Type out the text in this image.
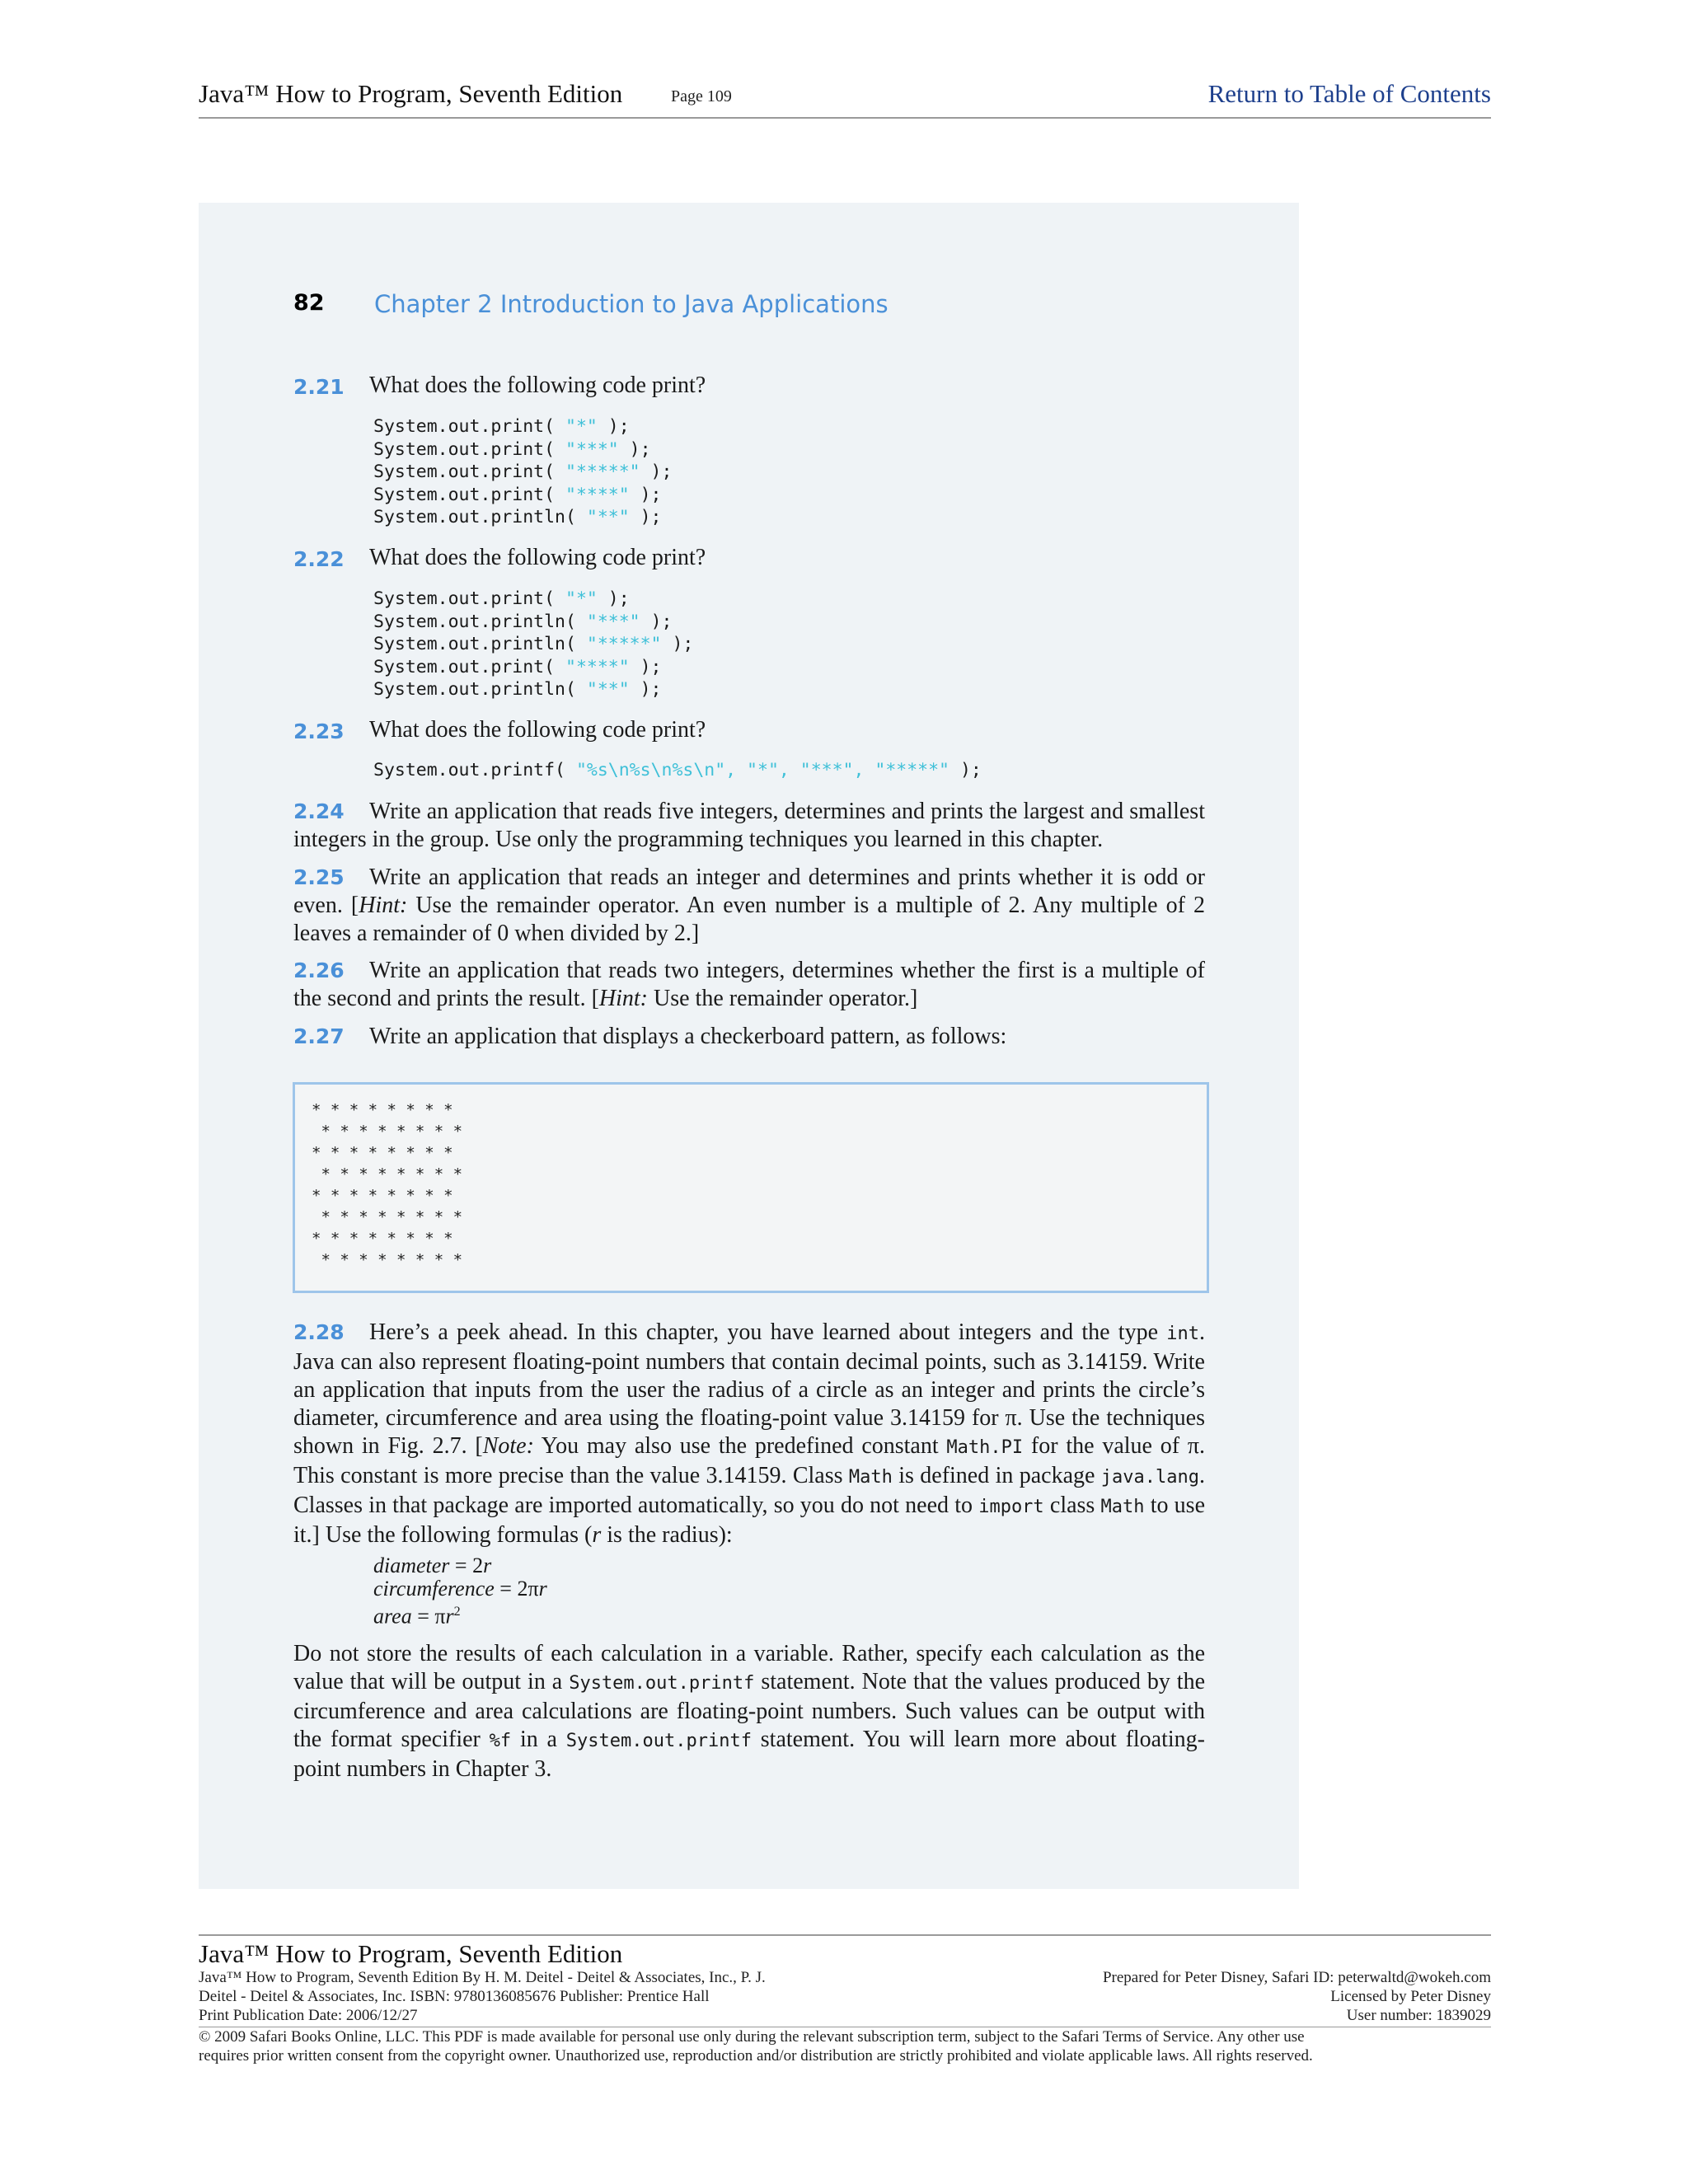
Java™ How to Program, Seventh Edition	Page 109	Return to Table of Contents
82 Chapter 2 Introduction to Java Applications
2.21 What does the following code print?
System.out.print( "*" );
System.out.print( "***" );
System.out.print( "*****" );
System.out.print( "****" );
System.out.println( "**" );
2.22 What does the following code print?
System.out.print( "*" );
System.out.println( "***" );
System.out.println( "*****" );
System.out.print( "****" );
System.out.println( "**" );
2.23 What does the following code print?
System.out.printf( "%s\n%s\n%s\n", "*", "***", "*****" );
2.24 Write an application that reads five integers, determines and prints the largest and smallest integers in the group. Use only the programming techniques you learned in this chapter.
2.25 Write an application that reads an integer and determines and prints whether it is odd or even. [Hint: Use the remainder operator. An even number is a multiple of 2. Any multiple of 2 leaves a remainder of 0 when divided by 2.]
2.26 Write an application that reads two integers, determines whether the first is a multiple of the second and prints the result. [Hint: Use the remainder operator.]
2.27 Write an application that displays a checkerboard pattern, as follows:
* * * * * * * *
* * * * * * * *
* * * * * * * *
* * * * * * * *
* * * * * * * *
* * * * * * * *
* * * * * * * *
* * * * * * * *
2.28 Here’s a peek ahead. In this chapter, you have learned about integers and the type int. Java can also represent floating-point numbers that contain decimal points, such as 3.14159. Write an application that inputs from the user the radius of a circle as an integer and prints the circle’s diameter, circumference and area using the floating-point value 3.14159 for π. Use the techniques shown in Fig. 2.7. [Note: You may also use the predefined constant Math.PI for the value of π. This constant is more precise than the value 3.14159. Class Math is defined in package java.lang. Classes in that package are imported automatically, so you do not need to import class Math to use it.] Use the following formulas (r is the radius):
diameter = 2r
circumference = 2πr
area = $\pi r^2$
Do not store the results of each calculation in a variable. Rather, specify each calculation as the value that will be output in a System.out.printf statement. Note that the values produced by the circumference and area calculations are floating-point numbers. Such values can be output with the format specifier %f in a System.out.printf statement. You will learn more about floating-point numbers in Chapter 3.
Java™ How to Program, Seventh Edition
Java™ How to Program, Seventh Edition By H. M. Deitel - Deitel & Associates, Inc., P. J.
Deitel - Deitel & Associates, Inc. ISBN: 9780136085676 Publisher: Prentice Hall
Print Publication Date: 2006/12/27
Prepared for Peter Disney, Safari ID: peterwaltd@wokeh.com
Licensed by Peter Disney
User number: 1839029
© 2009 Safari Books Online, LLC. This PDF is made available for personal use only during the relevant subscription term, subject to the Safari Terms of Service. Any other use
requires prior written consent from the copyright owner. Unauthorized use, reproduction and/or distribution are strictly prohibited and violate applicable laws. All rights reserved.
